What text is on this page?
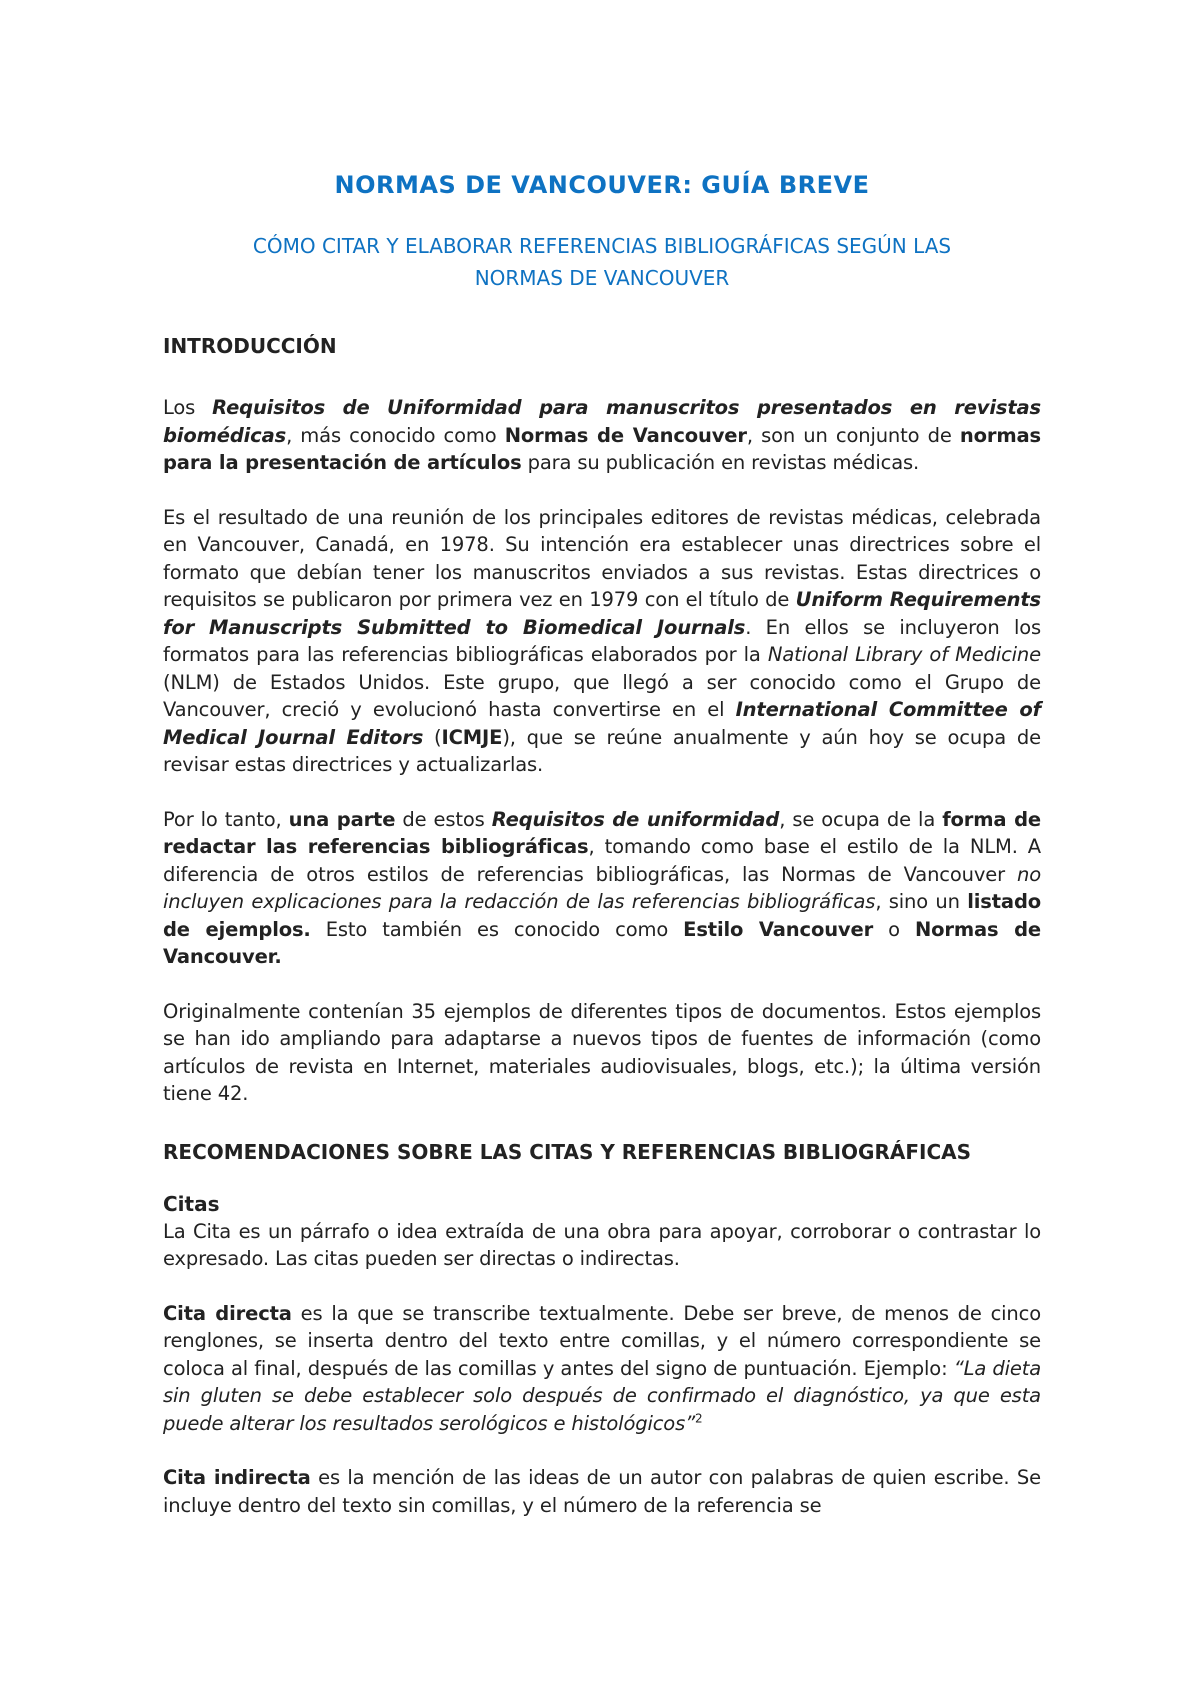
NORMAS DE VANCOUVER: GUÍA BREVE
CÓMO CITAR Y ELABORAR REFERENCIAS BIBLIOGRÁFICAS SEGÚN LAS
NORMAS DE VANCOUVER
INTRODUCCIÓN

Los Requisitos de Uniformidad para manuscritos presentados en revistas biomédicas, más conocido como Normas de Vancouver, son un conjunto de normas para la presentación de artículos para su publicación en revistas médicas.

Es el resultado de una reunión de los principales editores de revistas médicas, celebrada en Vancouver, Canadá, en 1978. Su intención era establecer unas directrices sobre el formato que debían tener los manuscritos enviados a sus revistas. Estas directrices o requisitos se publicaron por primera vez en 1979 con el título de Uniform Requirements for Manuscripts Submitted to Biomedical Journals. En ellos se incluyeron los formatos para las referencias bibliográficas elaborados por la National Library of Medicine (NLM) de Estados Unidos. Este grupo, que llegó a ser conocido como el Grupo de Vancouver, creció y evolucionó hasta convertirse en el International Committee of Medical Journal Editors (ICMJE), que se reúne anualmente y aún hoy se ocupa de revisar estas directrices y actualizarlas.

Por lo tanto, una parte de estos Requisitos de uniformidad, se ocupa de la forma de redactar las referencias bibliográficas, tomando como base el estilo de la NLM. A diferencia de otros estilos de referencias bibliográficas, las Normas de Vancouver no incluyen explicaciones para la redacción de las referencias bibliográficas, sino un listado de ejemplos. Esto también es conocido como Estilo Vancouver o Normas de Vancouver.

Originalmente contenían 35 ejemplos de diferentes tipos de documentos. Estos ejemplos se han ido ampliando para adaptarse a nuevos tipos de fuentes de información (como artículos de revista en Internet, materiales audiovisuales, blogs, etc.); la última versión tiene 42.

RECOMENDACIONES SOBRE LAS CITAS Y REFERENCIAS BIBLIOGRÁFICAS
Citas

La Cita es un párrafo o idea extraída de una obra para apoyar, corroborar o contrastar lo expresado. Las citas pueden ser directas o indirectas.

Cita directa es la que se transcribe textualmente. Debe ser breve, de menos de cinco renglones, se inserta dentro del texto entre comillas, y el número correspondiente se coloca al final, después de las comillas y antes del signo de puntuación. Ejemplo: “La dieta sin gluten se debe establecer solo después de confirmado el diagnóstico, ya que esta puede alterar los resultados serológicos e histológicos”$^2$

Cita indirecta es la mención de las ideas de un autor con palabras de quien escribe. Se incluye dentro del texto sin comillas, y el número de la referencia se
